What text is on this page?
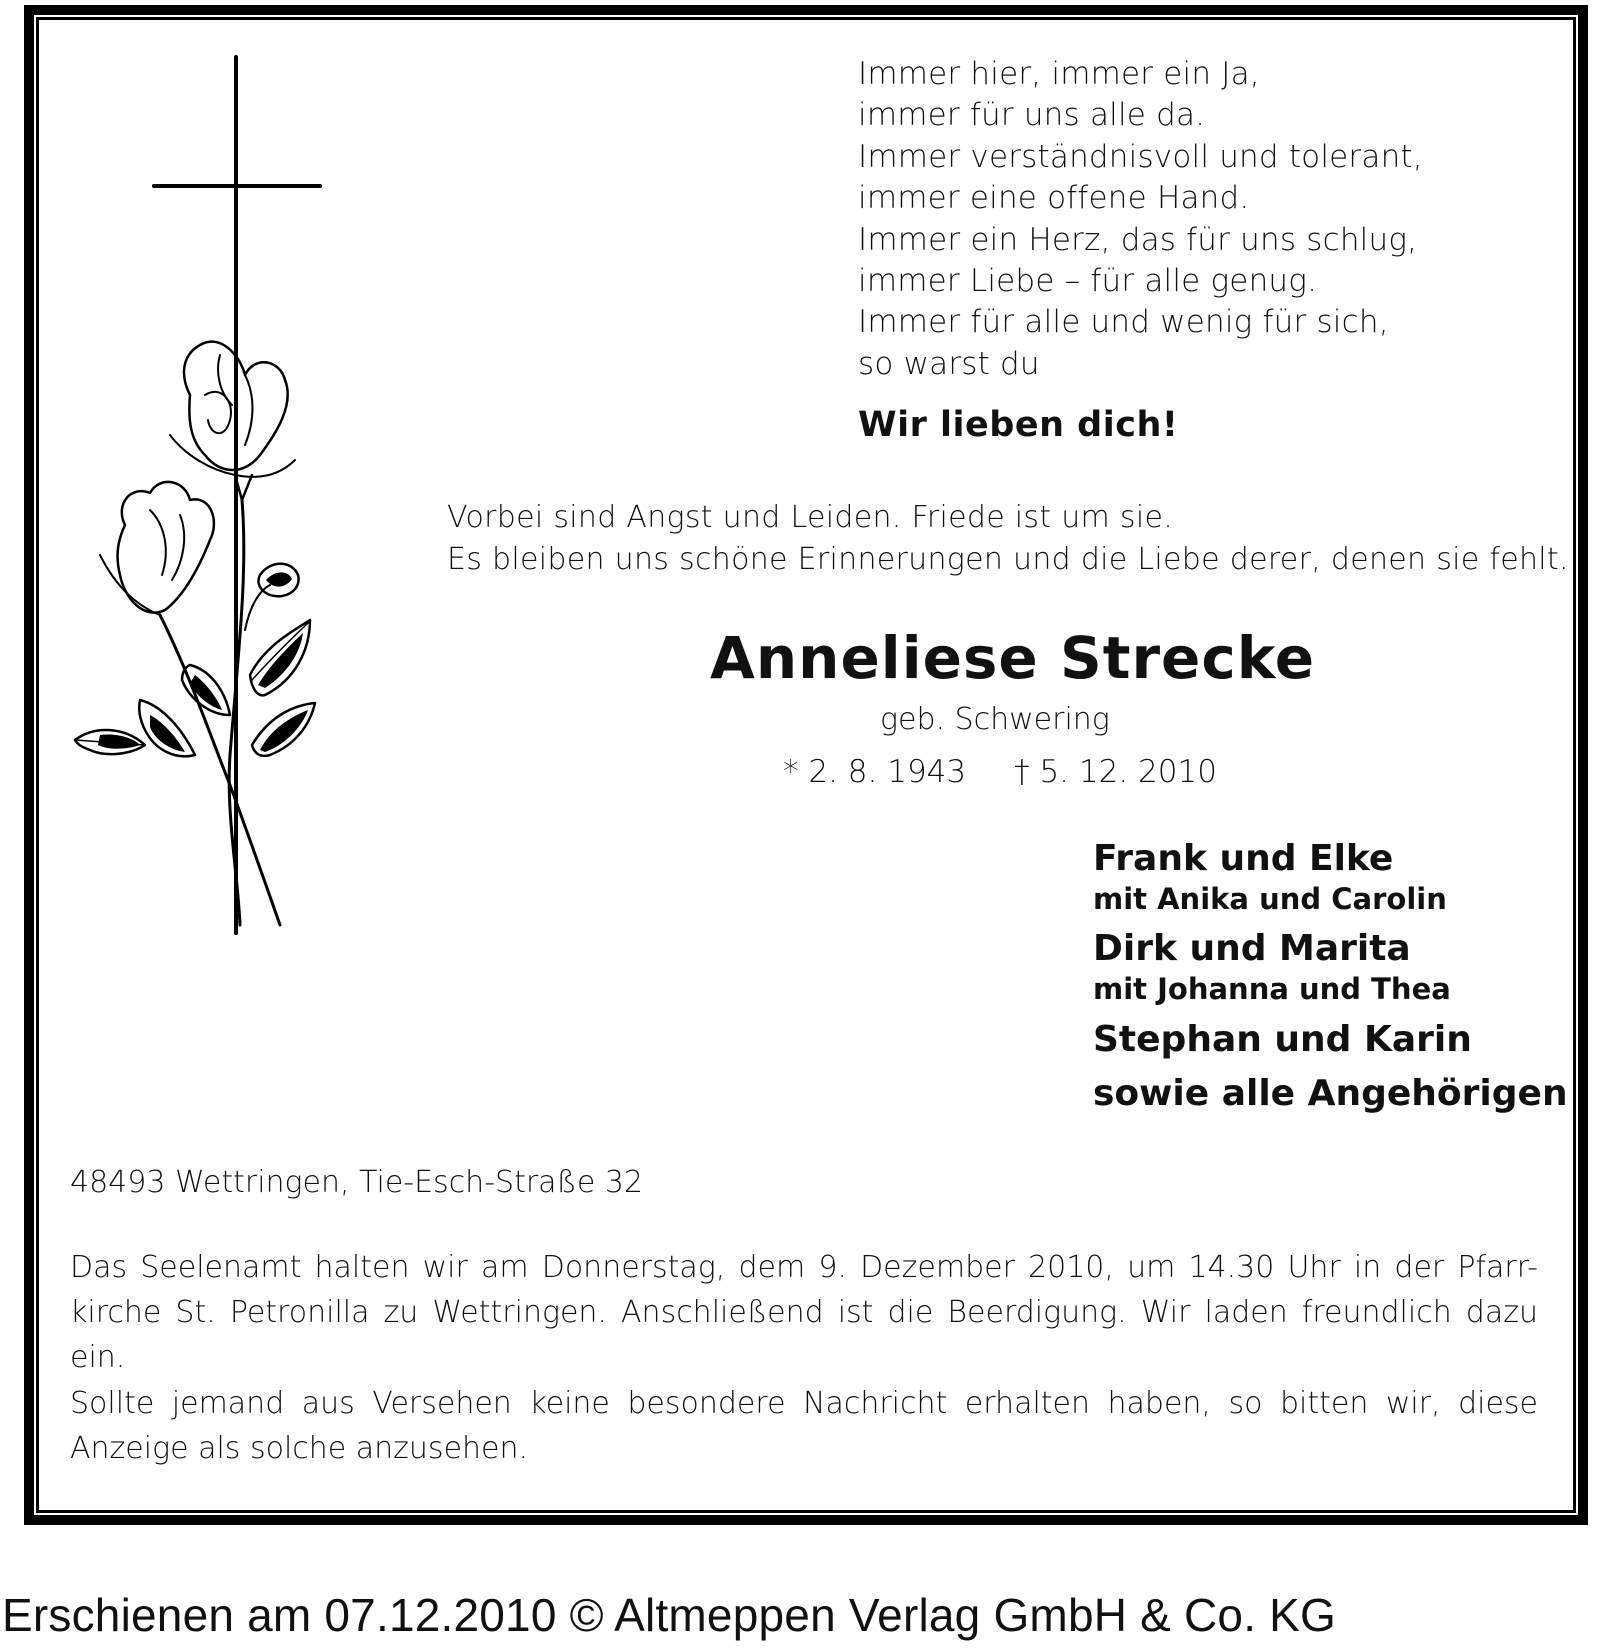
Immer hier, immer ein Ja,
immer für uns alle da.
Immer verständnisvoll und tolerant,
immer eine offene Hand.
Immer ein Herz, das für uns schlug,
immer Liebe – für alle genug.
Immer für alle und wenig für sich,
so warst du
Wir lieben dich!
Vorbei sind Angst und Leiden. Friede ist um sie.
Es bleiben uns schöne Erinnerungen und die Liebe derer, denen sie fehlt.
Anneliese Strecke
geb. Schwering
* 2. 8. 1943 † 5. 12. 2010
Frank und Elke
mit Anika und Carolin
Dirk und Marita
mit Johanna und Thea
Stephan und Karin
sowie alle Angehörigen
48493 Wettringen, Tie-Esch-Straße 32
Das Seelenamt halten wir am Donnerstag, dem 9. Dezember 2010, um 14.30 Uhr in der Pfarr-kirche St. Petronilla zu Wettringen. Anschließend ist die Beerdigung. Wir laden freundlich dazu ein.
Sollte jemand aus Versehen keine besondere Nachricht erhalten haben, so bitten wir, diese Anzeige als solche anzusehen.
Erschienen am 07.12.2010 © Altmeppen Verlag GmbH & Co. KG
